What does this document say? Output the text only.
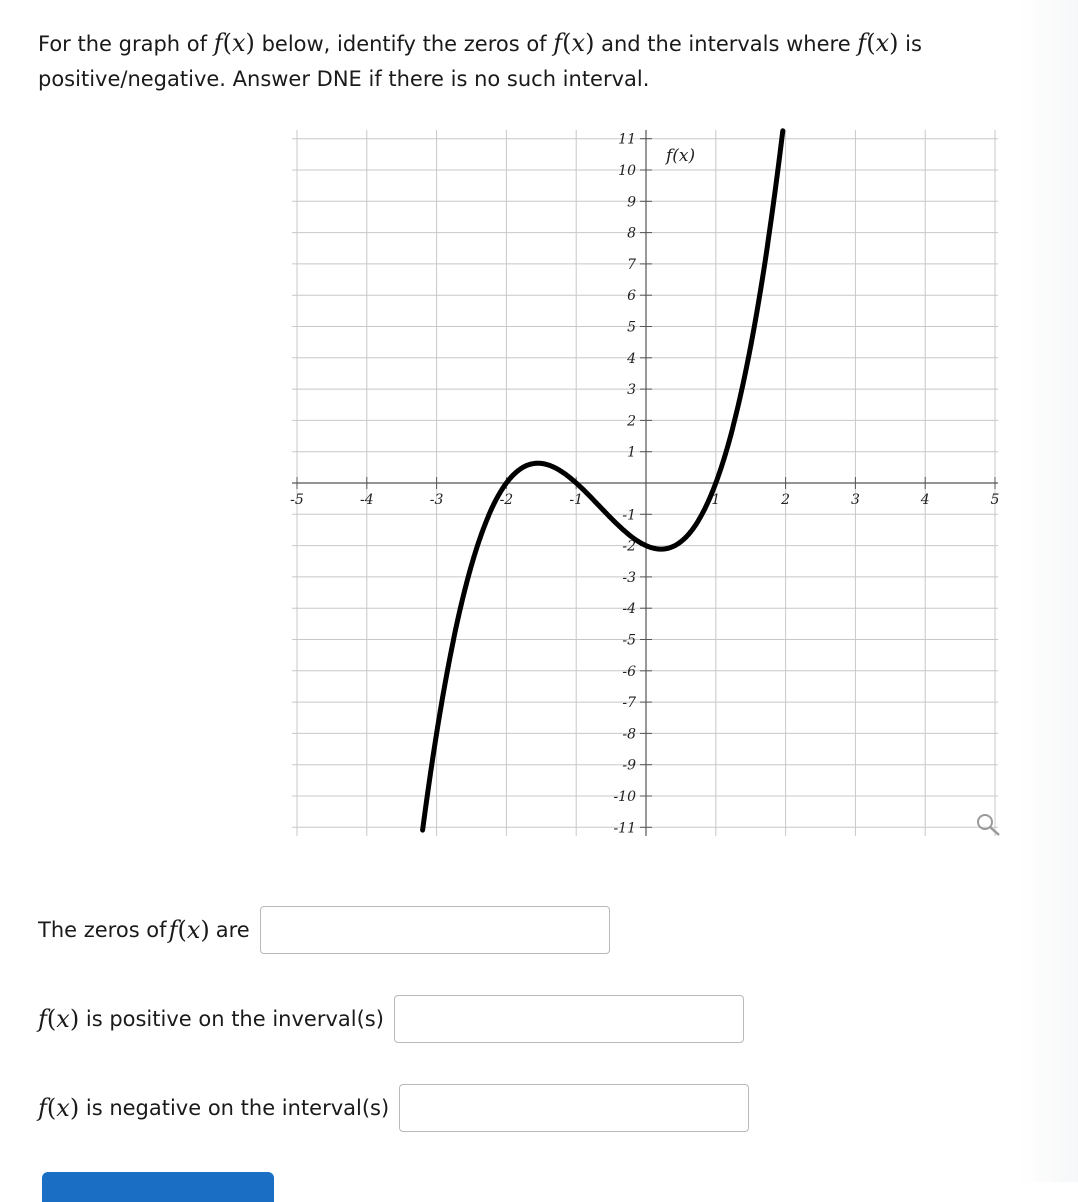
For the graph of f(x) below, identify the zeros of f(x) and the intervals where f(x) is positive/negative. Answer DNE if there is no such interval.
-5	-4	-3	-2	-1	1	2	3	4	5
11
10
9
8
7
6
5
4
3
2
1
-1
-2
-3
-4
-5
-6
-7
-8
-9
-10
-11
f(x)
The zeros of f(x) are
f(x) is positive on the inverval(s)
f(x) is negative on the interval(s)
